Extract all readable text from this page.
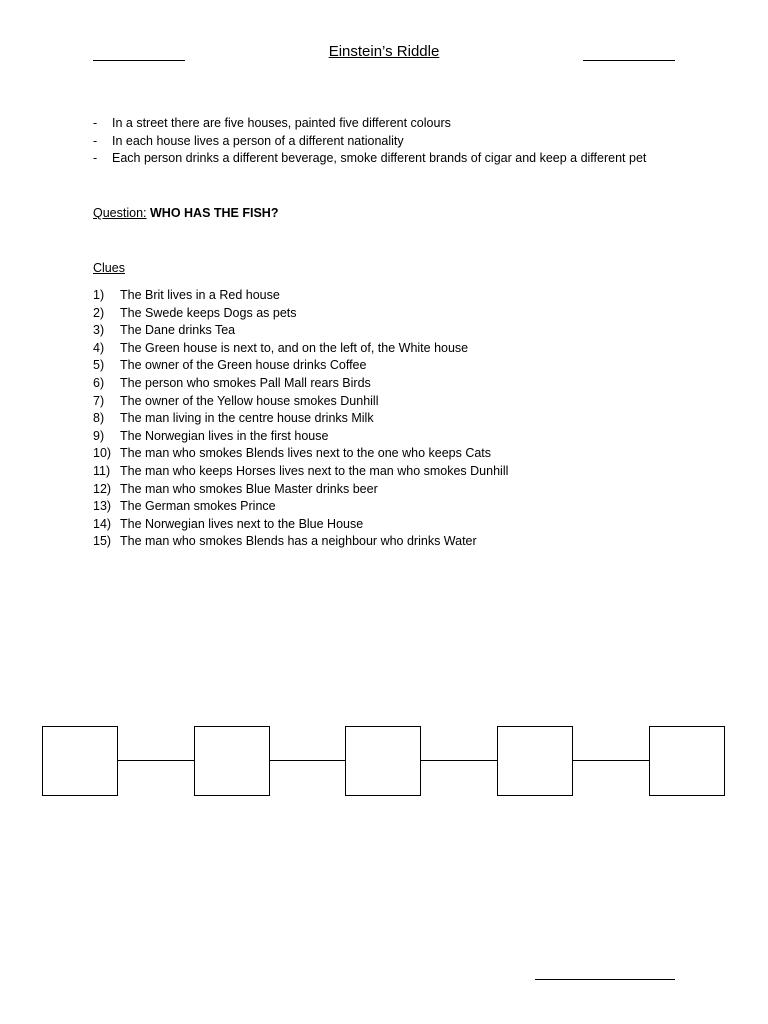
Einstein’s Riddle
-	In a street there are five houses, painted five different colours
-	In each house lives a person of a different nationality
-	Each person drinks a different beverage, smoke different brands of cigar and keep a different pet
Question: WHO HAS THE FISH?
Clues
1)	The Brit lives in a Red house
2)	The Swede keeps Dogs as pets
3)	The Dane drinks Tea
4)	The Green house is next to, and on the left of, the White house
5)	The owner of the Green house drinks Coffee
6)	The person who smokes Pall Mall rears Birds
7)	The owner of the Yellow house smokes Dunhill
8)	The man living in the centre house drinks Milk
9)	The Norwegian lives in the first house
10) The man who smokes Blends lives next to the one who keeps Cats
11) The man who keeps Horses lives next to the man who smokes Dunhill
12) The man who smokes Blue Master drinks beer
13) The German smokes Prince
14) The Norwegian lives next to the Blue House
15) The man who smokes Blends has a neighbour who drinks Water
